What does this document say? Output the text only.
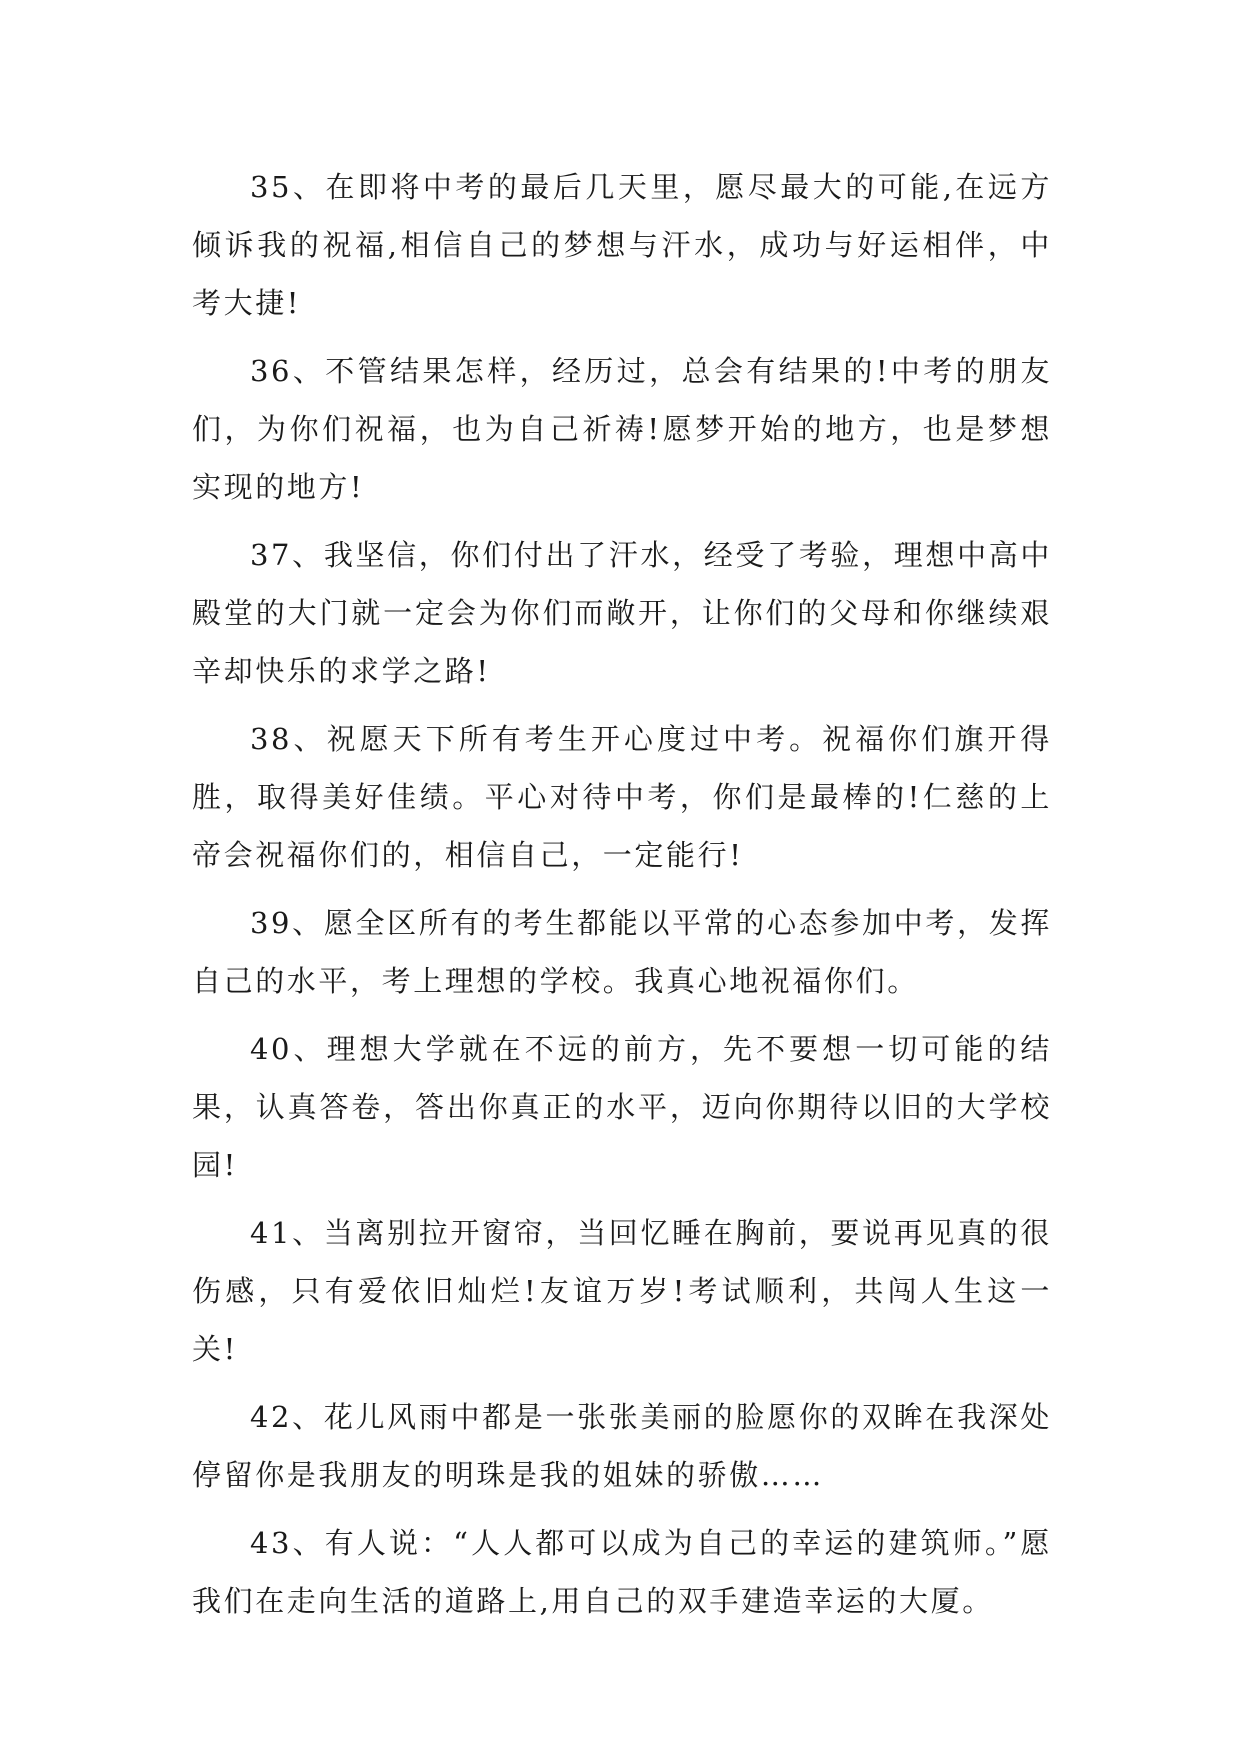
35、在即将中考的最后几天里，愿尽最大的可能,在远方倾诉我的祝福,相信自己的梦想与汗水，成功与好运相伴，中考大捷!

36、不管结果怎样，经历过，总会有结果的!中考的朋友们，为你们祝福，也为自己祈祷!愿梦开始的地方，也是梦想实现的地方!

37、我坚信，你们付出了汗水，经受了考验，理想中高中殿堂的大门就一定会为你们而敞开，让你们的父母和你继续艰辛却快乐的求学之路!

38、祝愿天下所有考生开心度过中考。祝福你们旗开得胜，取得美好佳绩。平心对待中考，你们是最棒的!仁慈的上帝会祝福你们的，相信自己，一定能行!

39、愿全区所有的考生都能以平常的心态参加中考，发挥自己的水平，考上理想的学校。我真心地祝福你们。

40、理想大学就在不远的前方，先不要想一切可能的结果，认真答卷，答出你真正的水平，迈向你期待以旧的大学校园!

41、当离别拉开窗帘，当回忆睡在胸前，要说再见真的很伤感，只有爱依旧灿烂!友谊万岁!考试顺利，共闯人生这一关!

42、花儿风雨中都是一张张美丽的脸愿你的双眸在我深处停留你是我朋友的明珠是我的姐妹的骄傲……

43、有人说：“人人都可以成为自己的幸运的建筑师。”愿我们在走向生活的道路上,用自己的双手建造幸运的大厦。
